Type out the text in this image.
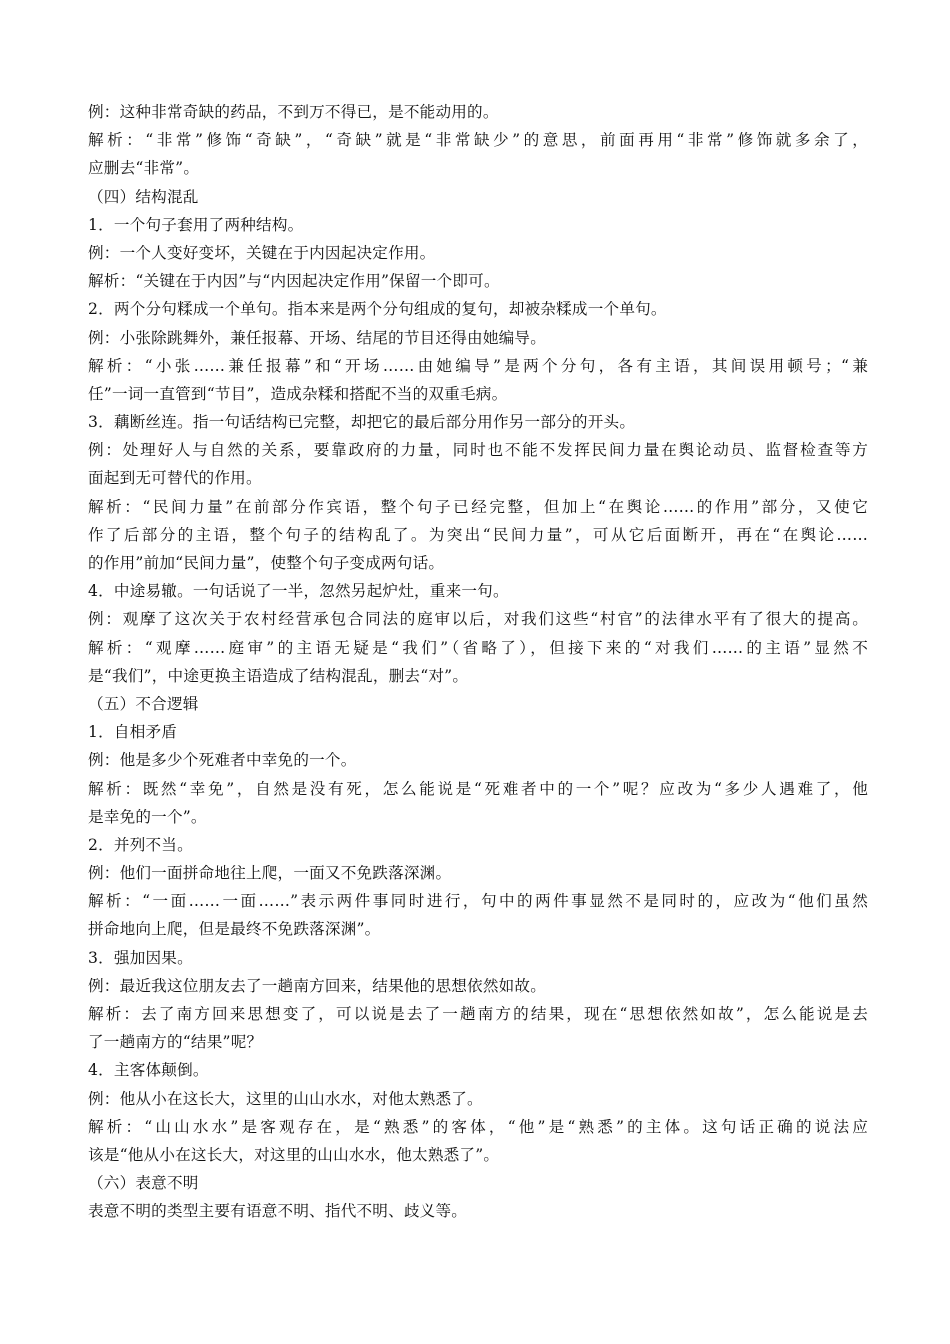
例：这种非常奇缺的药品，不到万不得已，是不能动用的。
解析：“非常”修饰“奇缺”，“奇缺”就是“非常缺少”的意思，前面再用“非常”修饰就多余了，
应删去“非常”。
（四）结构混乱
1．一个句子套用了两种结构。
例：一个人变好变坏，关键在于内因起决定作用。
解析：“关键在于内因”与“内因起决定作用”保留一个即可。
2．两个分句糅成一个单句。指本来是两个分句组成的复句，却被杂糅成一个单句。
例：小张除跳舞外，兼任报幕、开场、结尾的节目还得由她编导。
解析：“小张……兼任报幕”和“开场……由她编导”是两个分句，各有主语，其间误用顿号；“兼
任”一词一直管到“节目”，造成杂糅和搭配不当的双重毛病。
3．藕断丝连。指一句话结构已完整，却把它的最后部分用作另一部分的开头。
例：处理好人与自然的关系，要靠政府的力量，同时也不能不发挥民间力量在舆论动员、监督检查等方
面起到无可替代的作用。
解析：“民间力量”在前部分作宾语，整个句子已经完整，但加上“在舆论……的作用”部分，又使它
作了后部分的主语，整个句子的结构乱了。为突出“民间力量”，可从它后面断开，再在“在舆论……
的作用”前加“民间力量”，使整个句子变成两句话。
4．中途易辙。一句话说了一半，忽然另起炉灶，重来一句。
例：观摩了这次关于农村经营承包合同法的庭审以后，对我们这些“村官”的法律水平有了很大的提高。
解析：“观摩……庭审”的主语无疑是“我们”（省略了），但接下来的“对我们……的主语”显然不
是“我们”，中途更换主语造成了结构混乱，删去“对”。
（五）不合逻辑
1．自相矛盾
例：他是多少个死难者中幸免的一个。
解析：既然“幸免”，自然是没有死，怎么能说是“死难者中的一个”呢？应改为“多少人遇难了，他
是幸免的一个”。
2．并列不当。
例：他们一面拼命地往上爬，一面又不免跌落深渊。
解析：“一面……一面……”表示两件事同时进行，句中的两件事显然不是同时的，应改为“他们虽然
拼命地向上爬，但是最终不免跌落深渊”。
3．强加因果。
例：最近我这位朋友去了一趟南方回来，结果他的思想依然如故。
解析：去了南方回来思想变了，可以说是去了一趟南方的结果，现在“思想依然如故”，怎么能说是去
了一趟南方的“结果”呢？
4．主客体颠倒。
例：他从小在这长大，这里的山山水水，对他太熟悉了。
解析：“山山水水”是客观存在，是“熟悉”的客体，“他”是“熟悉”的主体。这句话正确的说法应
该是“他从小在这长大，对这里的山山水水，他太熟悉了”。
（六）表意不明
表意不明的类型主要有语意不明、指代不明、歧义等。
